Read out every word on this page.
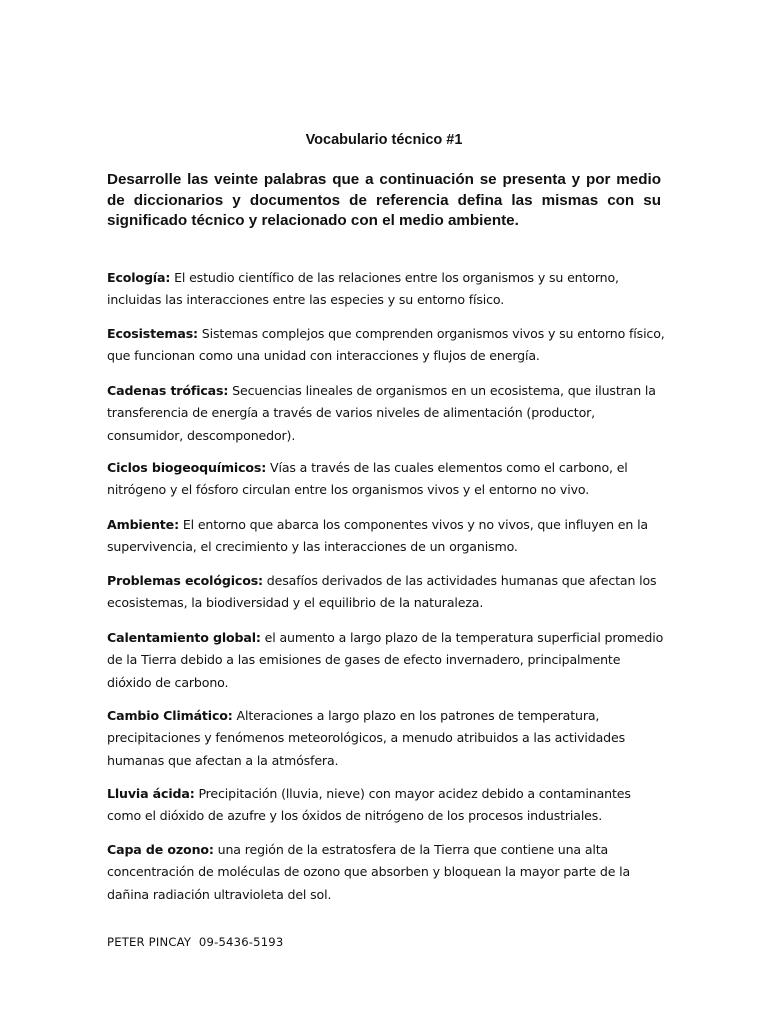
Vocabulario técnico #1

Desarrolle las veinte palabras que a continuación se presenta y por medio de diccionarios y documentos de referencia defina las mismas con su significado técnico y relacionado con el medio ambiente.

Ecología: El estudio científico de las relaciones entre los organismos y su entorno, incluidas las interacciones entre las especies y su entorno físico.

Ecosistemas: Sistemas complejos que comprenden organismos vivos y su entorno físico, que funcionan como una unidad con interacciones y flujos de energía.

Cadenas tróficas: Secuencias lineales de organismos en un ecosistema, que ilustran la transferencia de energía a través de varios niveles de alimentación (productor, consumidor, descomponedor).

Ciclos biogeoquímicos: Vías a través de las cuales elementos como el carbono, el nitrógeno y el fósforo circulan entre los organismos vivos y el entorno no vivo.

Ambiente: El entorno que abarca los componentes vivos y no vivos, que influyen en la supervivencia, el crecimiento y las interacciones de un organismo.

Problemas ecológicos: desafíos derivados de las actividades humanas que afectan los ecosistemas, la biodiversidad y el equilibrio de la naturaleza.

Calentamiento global: el aumento a largo plazo de la temperatura superficial promedio de la Tierra debido a las emisiones de gases de efecto invernadero, principalmente dióxido de carbono.

Cambio Climático: Alteraciones a largo plazo en los patrones de temperatura, precipitaciones y fenómenos meteorológicos, a menudo atribuidos a las actividades humanas que afectan a la atmósfera.

Lluvia ácida: Precipitación (lluvia, nieve) con mayor acidez debido a contaminantes como el dióxido de azufre y los óxidos de nitrógeno de los procesos industriales.

Capa de ozono: una región de la estratosfera de la Tierra que contiene una alta concentración de moléculas de ozono que absorben y bloquean la mayor parte de la dañina radiación ultravioleta del sol.

PETER PINCAY  09-5436-5193
